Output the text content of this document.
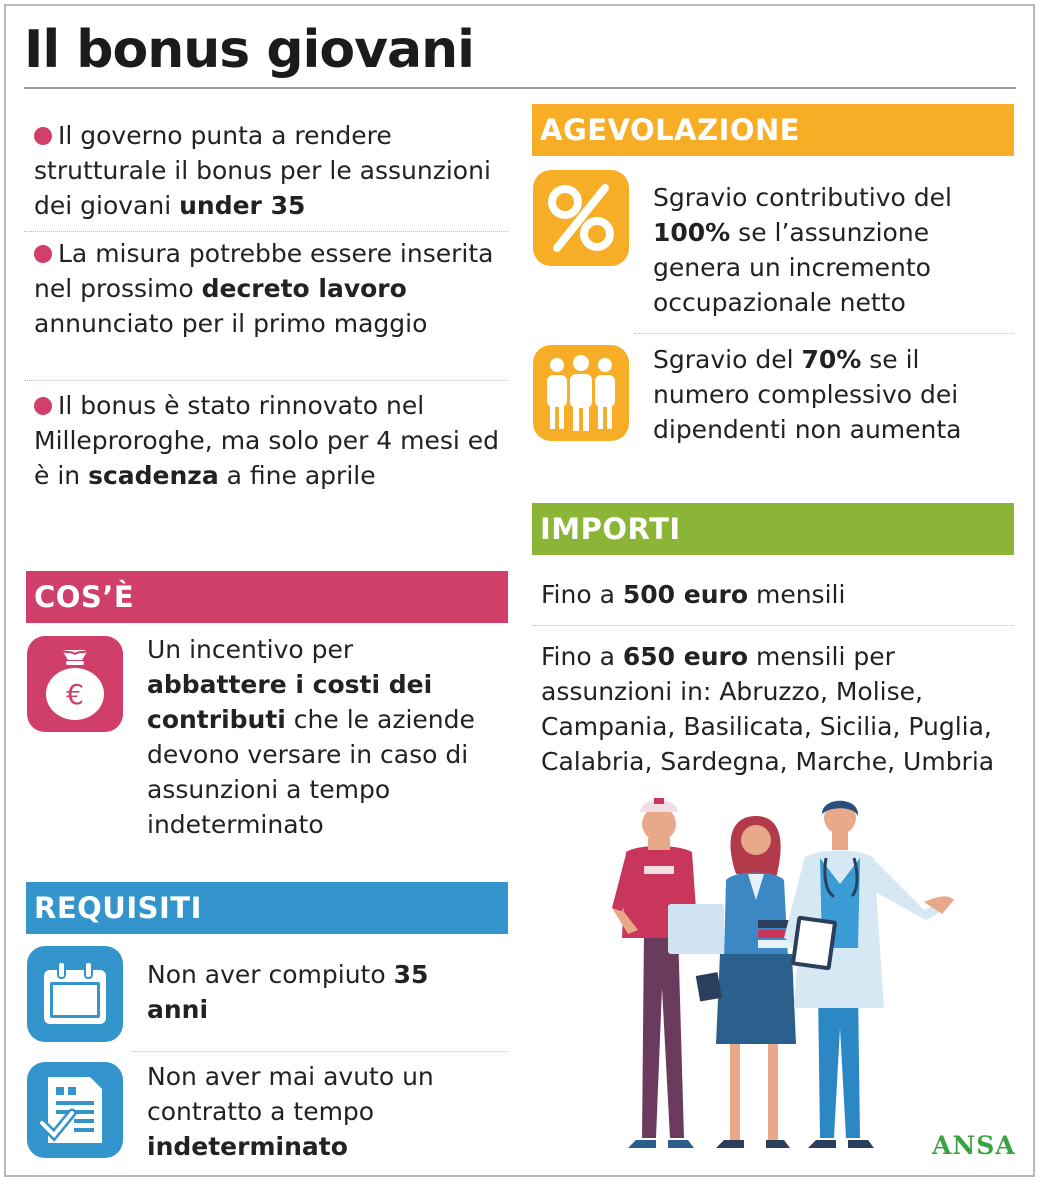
Il bonus giovani
Il governo punta a rendere strutturale il bonus per le assunzioni dei giovani under 35
La misura potrebbe essere inserita nel prossimo decreto lavoro annunciato per il primo maggio
Il bonus è stato rinnovato nel Milleproroghe, ma solo per 4 mesi ed è in scadenza a fine aprile
COS’È
€
Un incentivo per abbattere i costi dei contributi che le aziende devono versare in caso di assunzioni a tempo indeterminato
REQUISITI
Non aver compiuto 35 anni
Non aver mai avuto un contratto a tempo indeterminato
AGEVOLAZIONE
Sgravio contributivo del 100% se l’assunzione genera un incremento occupazionale netto
Sgravio del 70% se il numero complessivo dei dipendenti non aumenta
IMPORTI
Fino a 500 euro mensili
Fino a 650 euro mensili per assunzioni in: Abruzzo, Molise, Campania, Basilicata, Sicilia, Puglia, Calabria, Sardegna, Marche, Umbria
ANSA
